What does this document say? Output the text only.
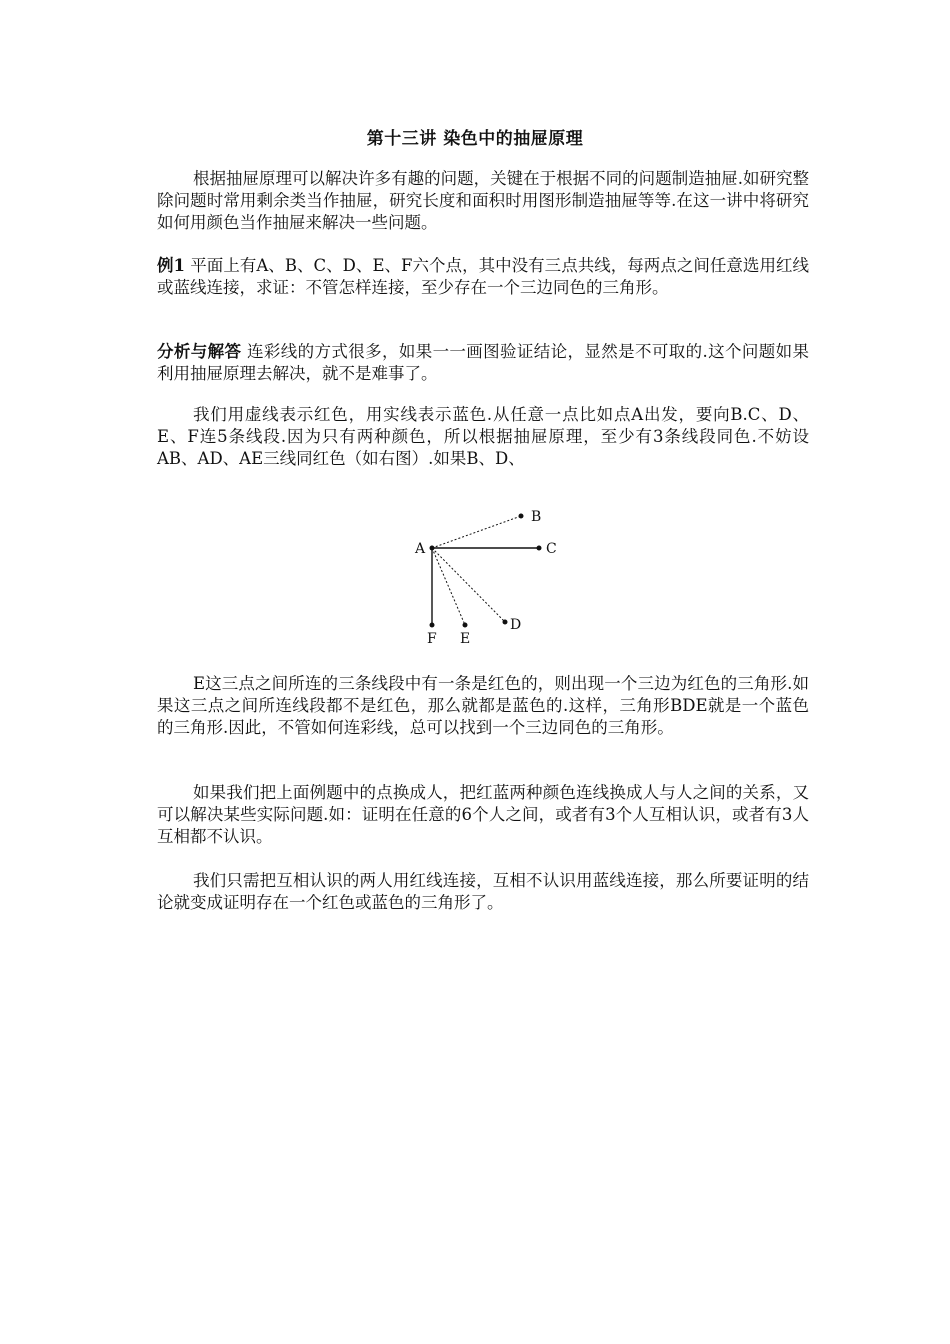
第十三讲 染色中的抽屉原理

根据抽屉原理可以解决许多有趣的问题，关键在于根据不同的问题制造抽屉.如研究整除问题时常用剩余类当作抽屉，研究长度和面积时用图形制造抽屉等等.在这一讲中将研究如何用颜色当作抽屉来解决一些问题。

例1 平面上有A、B、C、D、E、F六个点，其中没有三点共线，每两点之间任意选用红线或蓝线连接，求证：不管怎样连接，至少存在一个三边同色的三角形。

分析与解答 连彩线的方式很多，如果一一画图验证结论，显然是不可取的.这个问题如果利用抽屉原理去解决，就不是难事了。

我们用虚线表示红色，用实线表示蓝色.从任意一点比如点A出发，要向B.C、D、E、F连5条线段.因为只有两种颜色，所以根据抽屉原理，至少有3条线段同色.不妨设AB、AD、AE三线同红色（如右图）.如果B、D、

A
B
C
D
E
F

E这三点之间所连的三条线段中有一条是红色的，则出现一个三边为红色的三角形.如果这三点之间所连线段都不是红色，那么就都是蓝色的.这样，三角形BDE就是一个蓝色的三角形.因此，不管如何连彩线，总可以找到一个三边同色的三角形。

如果我们把上面例题中的点换成人，把红蓝两种颜色连线换成人与人之间的关系，又可以解决某些实际问题.如：证明在任意的6个人之间，或者有3个人互相认识，或者有3人互相都不认识。

我们只需把互相认识的两人用红线连接，互相不认识用蓝线连接，那么所要证明的结论就变成证明存在一个红色或蓝色的三角形了。
